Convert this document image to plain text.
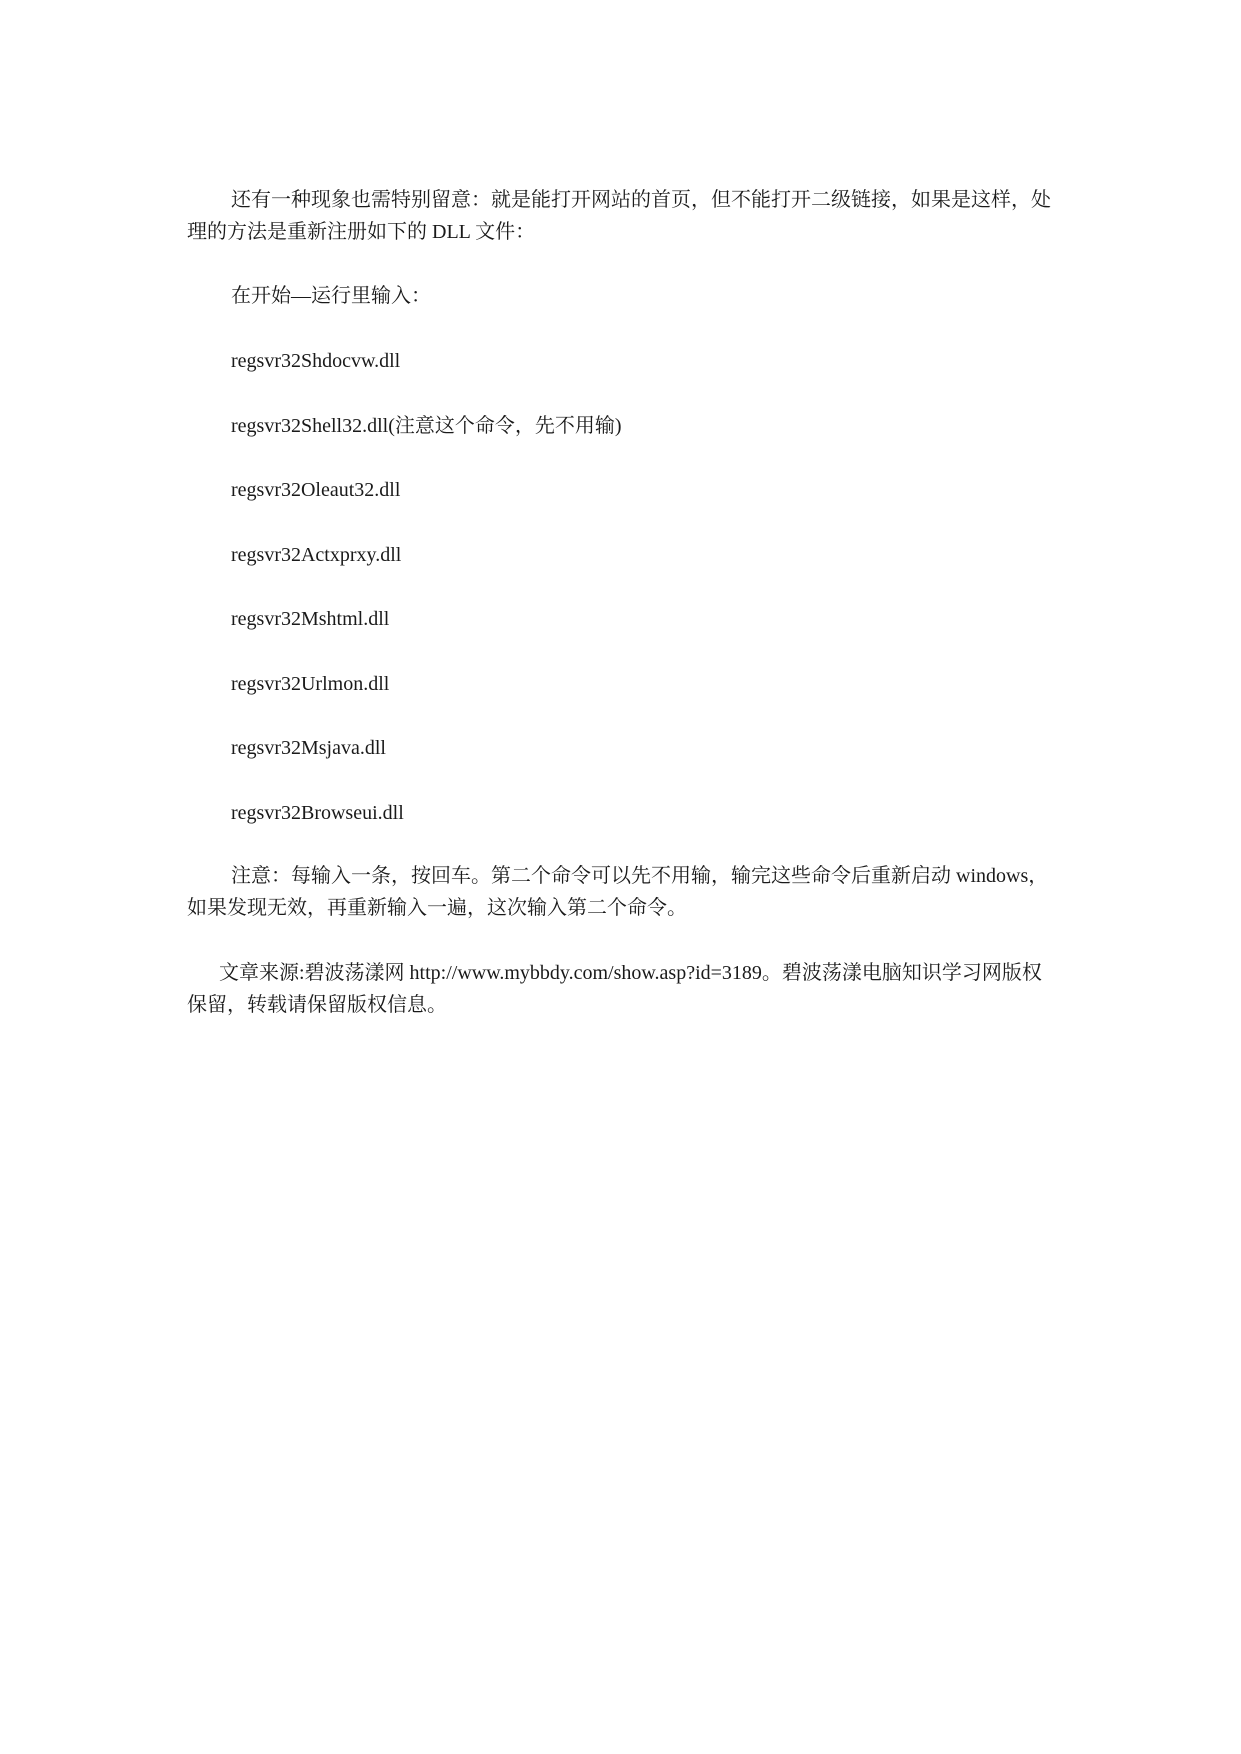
还有一种现象也需特别留意：就是能打开网站的首页，但不能打开二级链接，如果是这样，处理的方法是重新注册如下的 DLL 文件：

在开始—运行里输入：

regsvr32Shdocvw.dll

regsvr32Shell32.dll(注意这个命令，先不用输)

regsvr32Oleaut32.dll

regsvr32Actxprxy.dll

regsvr32Mshtml.dll

regsvr32Urlmon.dll

regsvr32Msjava.dll

regsvr32Browseui.dll

注意：每输入一条，按回车。第二个命令可以先不用输，输完这些命令后重新启动 windows，如果发现无效，再重新输入一遍，这次输入第二个命令。

文章来源:碧波荡漾网 http://www.mybbdy.com/show.asp?id=3189。碧波荡漾电脑知识学习网版权保留，转载请保留版权信息。
